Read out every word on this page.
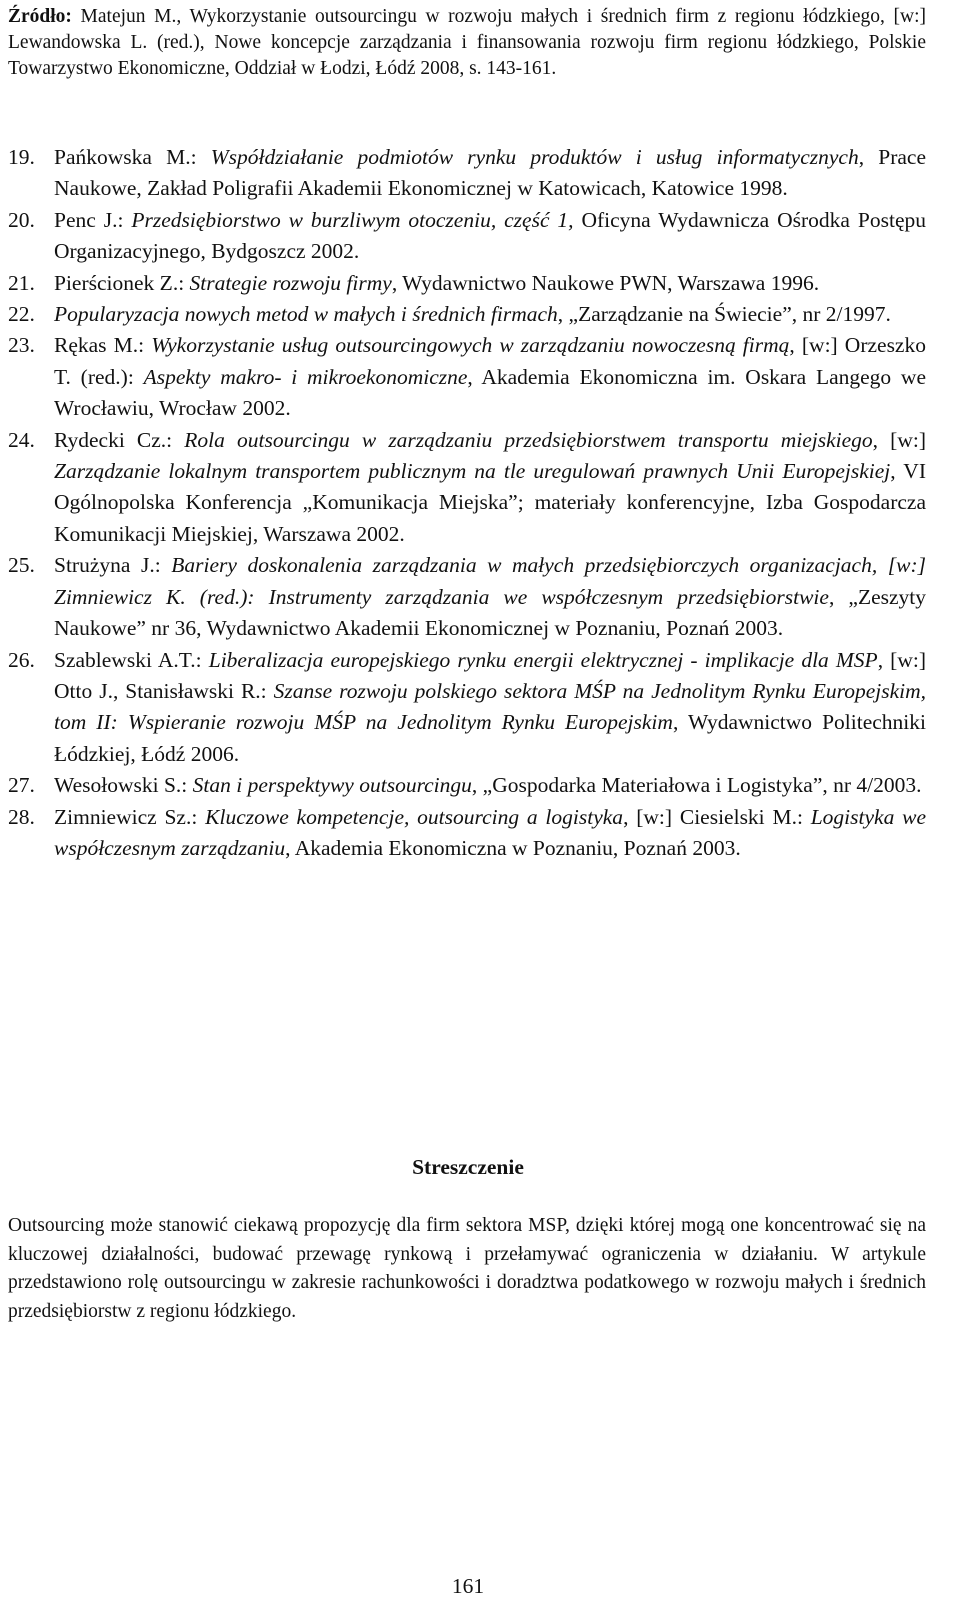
Źródło: Matejun M., Wykorzystanie outsourcingu w rozwoju małych i średnich firm z regionu łódzkiego, [w:] Lewandowska L. (red.), Nowe koncepcje zarządzania i finansowania rozwoju firm regionu łódzkiego, Polskie Towarzystwo Ekonomiczne, Oddział w Łodzi, Łódź 2008, s. 143-161.

19. Pańkowska M.: Współdziałanie podmiotów rynku produktów i usług informatycznych, Prace Naukowe, Zakład Poligrafii Akademii Ekonomicznej w Katowicach, Katowice 1998.
20. Penc J.: Przedsiębiorstwo w burzliwym otoczeniu, część 1, Oficyna Wydawnicza Ośrodka Postępu Organizacyjnego, Bydgoszcz 2002.
21. Pierścionek Z.: Strategie rozwoju firmy, Wydawnictwo Naukowe PWN, Warszawa 1996.
22. Popularyzacja nowych metod w małych i średnich firmach, „Zarządzanie na Świecie”, nr 2/1997.
23. Rękas M.: Wykorzystanie usług outsourcingowych w zarządzaniu nowoczesną firmą, [w:] Orzeszko T. (red.): Aspekty makro- i mikroekonomiczne, Akademia Ekonomiczna im. Oskara Langego we Wrocławiu, Wrocław 2002.
24. Rydecki Cz.: Rola outsourcingu w zarządzaniu przedsiębiorstwem transportu miejskiego, [w:] Zarządzanie lokalnym transportem publicznym na tle uregulowań prawnych Unii Europejskiej, VI Ogólnopolska Konferencja „Komunikacja Miejska”; materiały konferencyjne, Izba Gospodarcza Komunikacji Miejskiej, Warszawa 2002.
25. Strużyna J.: Bariery doskonalenia zarządzania w małych przedsiębiorczych organizacjach, [w:] Zimniewicz K. (red.): Instrumenty zarządzania we współczesnym przedsiębiorstwie, „Zeszyty Naukowe” nr 36, Wydawnictwo Akademii Ekonomicznej w Poznaniu, Poznań 2003.
26. Szablewski A.T.: Liberalizacja europejskiego rynku energii elektrycznej - implikacje dla MSP, [w:] Otto J., Stanisławski R.: Szanse rozwoju polskiego sektora MŚP na Jednolitym Rynku Europejskim, tom II: Wspieranie rozwoju MŚP na Jednolitym Rynku Europejskim, Wydawnictwo Politechniki Łódzkiej, Łódź 2006.
27. Wesołowski S.: Stan i perspektywy outsourcingu, „Gospodarka Materiałowa i Logistyka”, nr 4/2003.
28. Zimniewicz Sz.: Kluczowe kompetencje, outsourcing a logistyka, [w:] Ciesielski M.: Logistyka we współczesnym zarządzaniu, Akademia Ekonomiczna w Poznaniu, Poznań 2003.
Streszczenie

Outsourcing może stanowić ciekawą propozycję dla firm sektora MSP, dzięki której mogą one koncentrować się na kluczowej działalności, budować przewagę rynkową i przełamywać ograniczenia w działaniu. W artykule przedstawiono rolę outsourcingu w zakresie rachunkowości i doradztwa podatkowego w rozwoju małych i średnich przedsiębiorstw z regionu łódzkiego.

161
